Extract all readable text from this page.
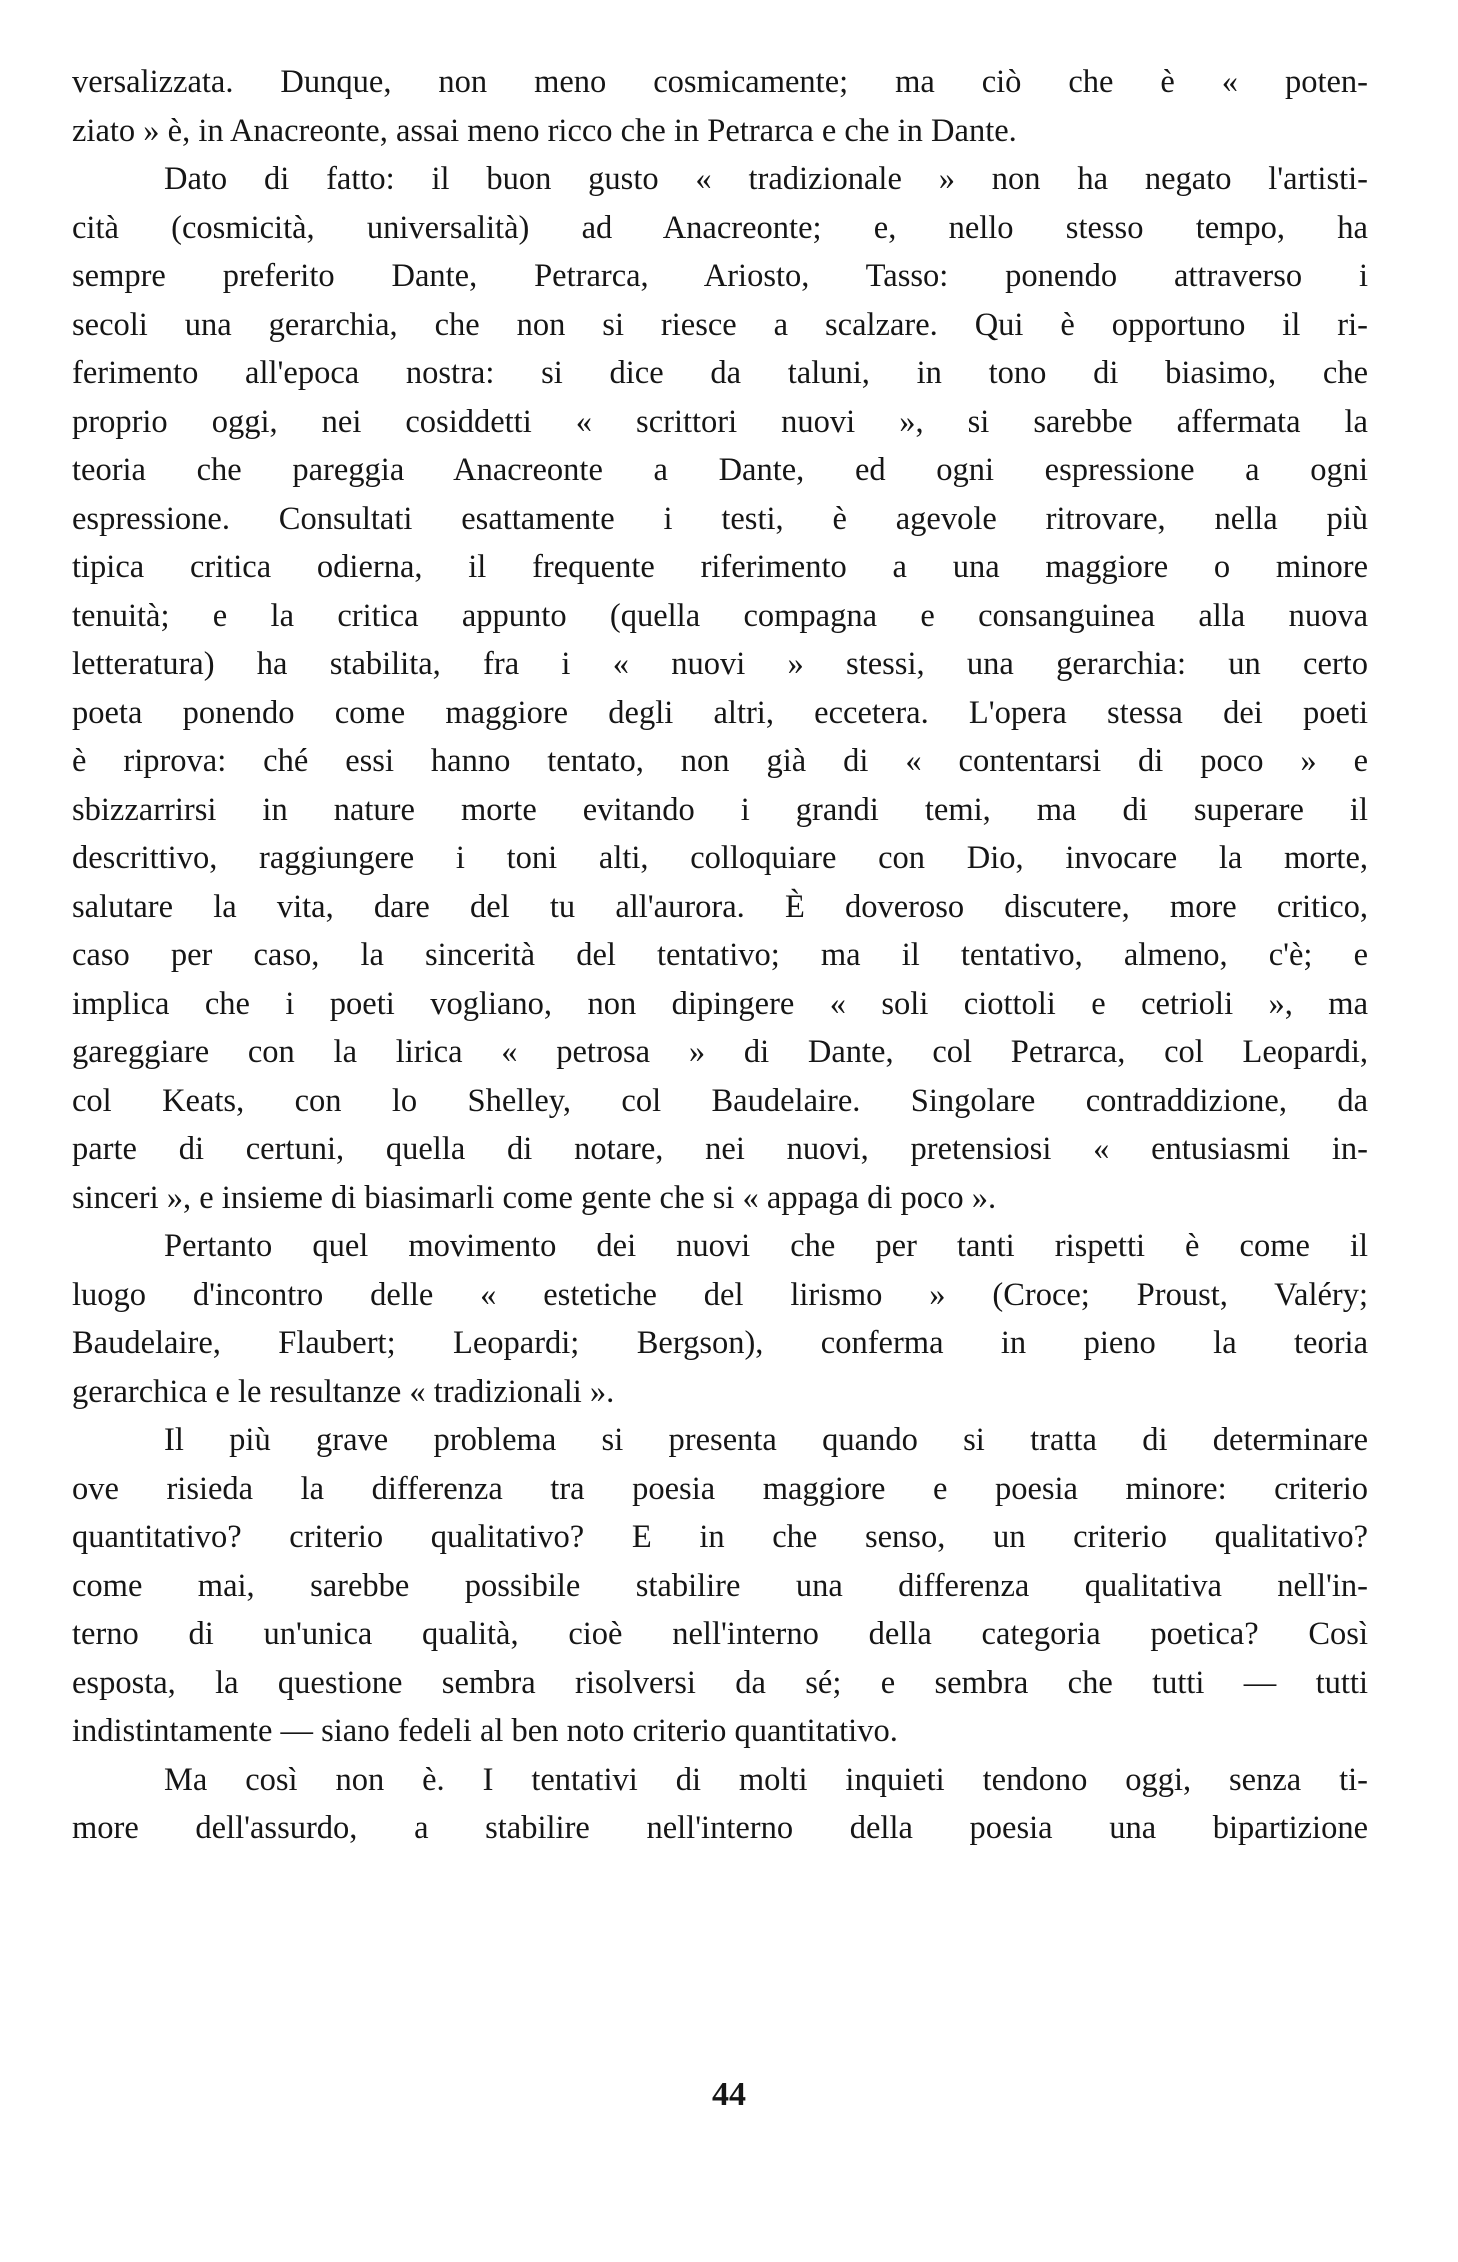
versalizzata. Dunque, non meno cosmicamente; ma ciò che è « poten-
ziato » è, in Anacreonte, assai meno ricco che in Petrarca e che in Dante.

Dato di fatto: il buon gusto « tradizionale » non ha negato l'artisti-
cità (cosmicità, universalità) ad Anacreonte; e, nello stesso tempo, ha
sempre preferito Dante, Petrarca, Ariosto, Tasso: ponendo attraverso i
secoli una gerarchia, che non si riesce a scalzare. Qui è opportuno il ri-
ferimento all'epoca nostra: si dice da taluni, in tono di biasimo, che
proprio oggi, nei cosiddetti « scrittori nuovi », si sarebbe affermata la
teoria che pareggia Anacreonte a Dante, ed ogni espressione a ogni
espressione. Consultati esattamente i testi, è agevole ritrovare, nella più
tipica critica odierna, il frequente riferimento a una maggiore o minore
tenuità; e la critica appunto (quella compagna e consanguinea alla nuova
letteratura) ha stabilita, fra i « nuovi » stessi, una gerarchia: un certo
poeta ponendo come maggiore degli altri, eccetera. L'opera stessa dei poeti
è riprova: ché essi hanno tentato, non già di « contentarsi di poco » e
sbizzarrirsi in nature morte evitando i grandi temi, ma di superare il
descrittivo, raggiungere i toni alti, colloquiare con Dio, invocare la morte,
salutare la vita, dare del tu all'aurora. È doveroso discutere, more critico,
caso per caso, la sincerità del tentativo; ma il tentativo, almeno, c'è; e
implica che i poeti vogliano, non dipingere « soli ciottoli e cetrioli », ma
gareggiare con la lirica « petrosa » di Dante, col Petrarca, col Leopardi,
col Keats, con lo Shelley, col Baudelaire. Singolare contraddizione, da
parte di certuni, quella di notare, nei nuovi, pretensiosi « entusiasmi in-
sinceri », e insieme di biasimarli come gente che si « appaga di poco ».

Pertanto quel movimento dei nuovi che per tanti rispetti è come il
luogo d'incontro delle « estetiche del lirismo » (Croce; Proust, Valéry;
Baudelaire, Flaubert; Leopardi; Bergson), conferma in pieno la teoria
gerarchica e le resultanze « tradizionali ».

Il più grave problema si presenta quando si tratta di determinare
ove risieda la differenza tra poesia maggiore e poesia minore: criterio
quantitativo? criterio qualitativo? E in che senso, un criterio qualitativo?
come mai, sarebbe possibile stabilire una differenza qualitativa nell'in-
terno di un'unica qualità, cioè nell'interno della categoria poetica? Così
esposta, la questione sembra risolversi da sé; e sembra che tutti — tutti
indistintamente — siano fedeli al ben noto criterio quantitativo.

Ma così non è. I tentativi di molti inquieti tendono oggi, senza ti-
more dell'assurdo, a stabilire nell'interno della poesia una bipartizione

44
